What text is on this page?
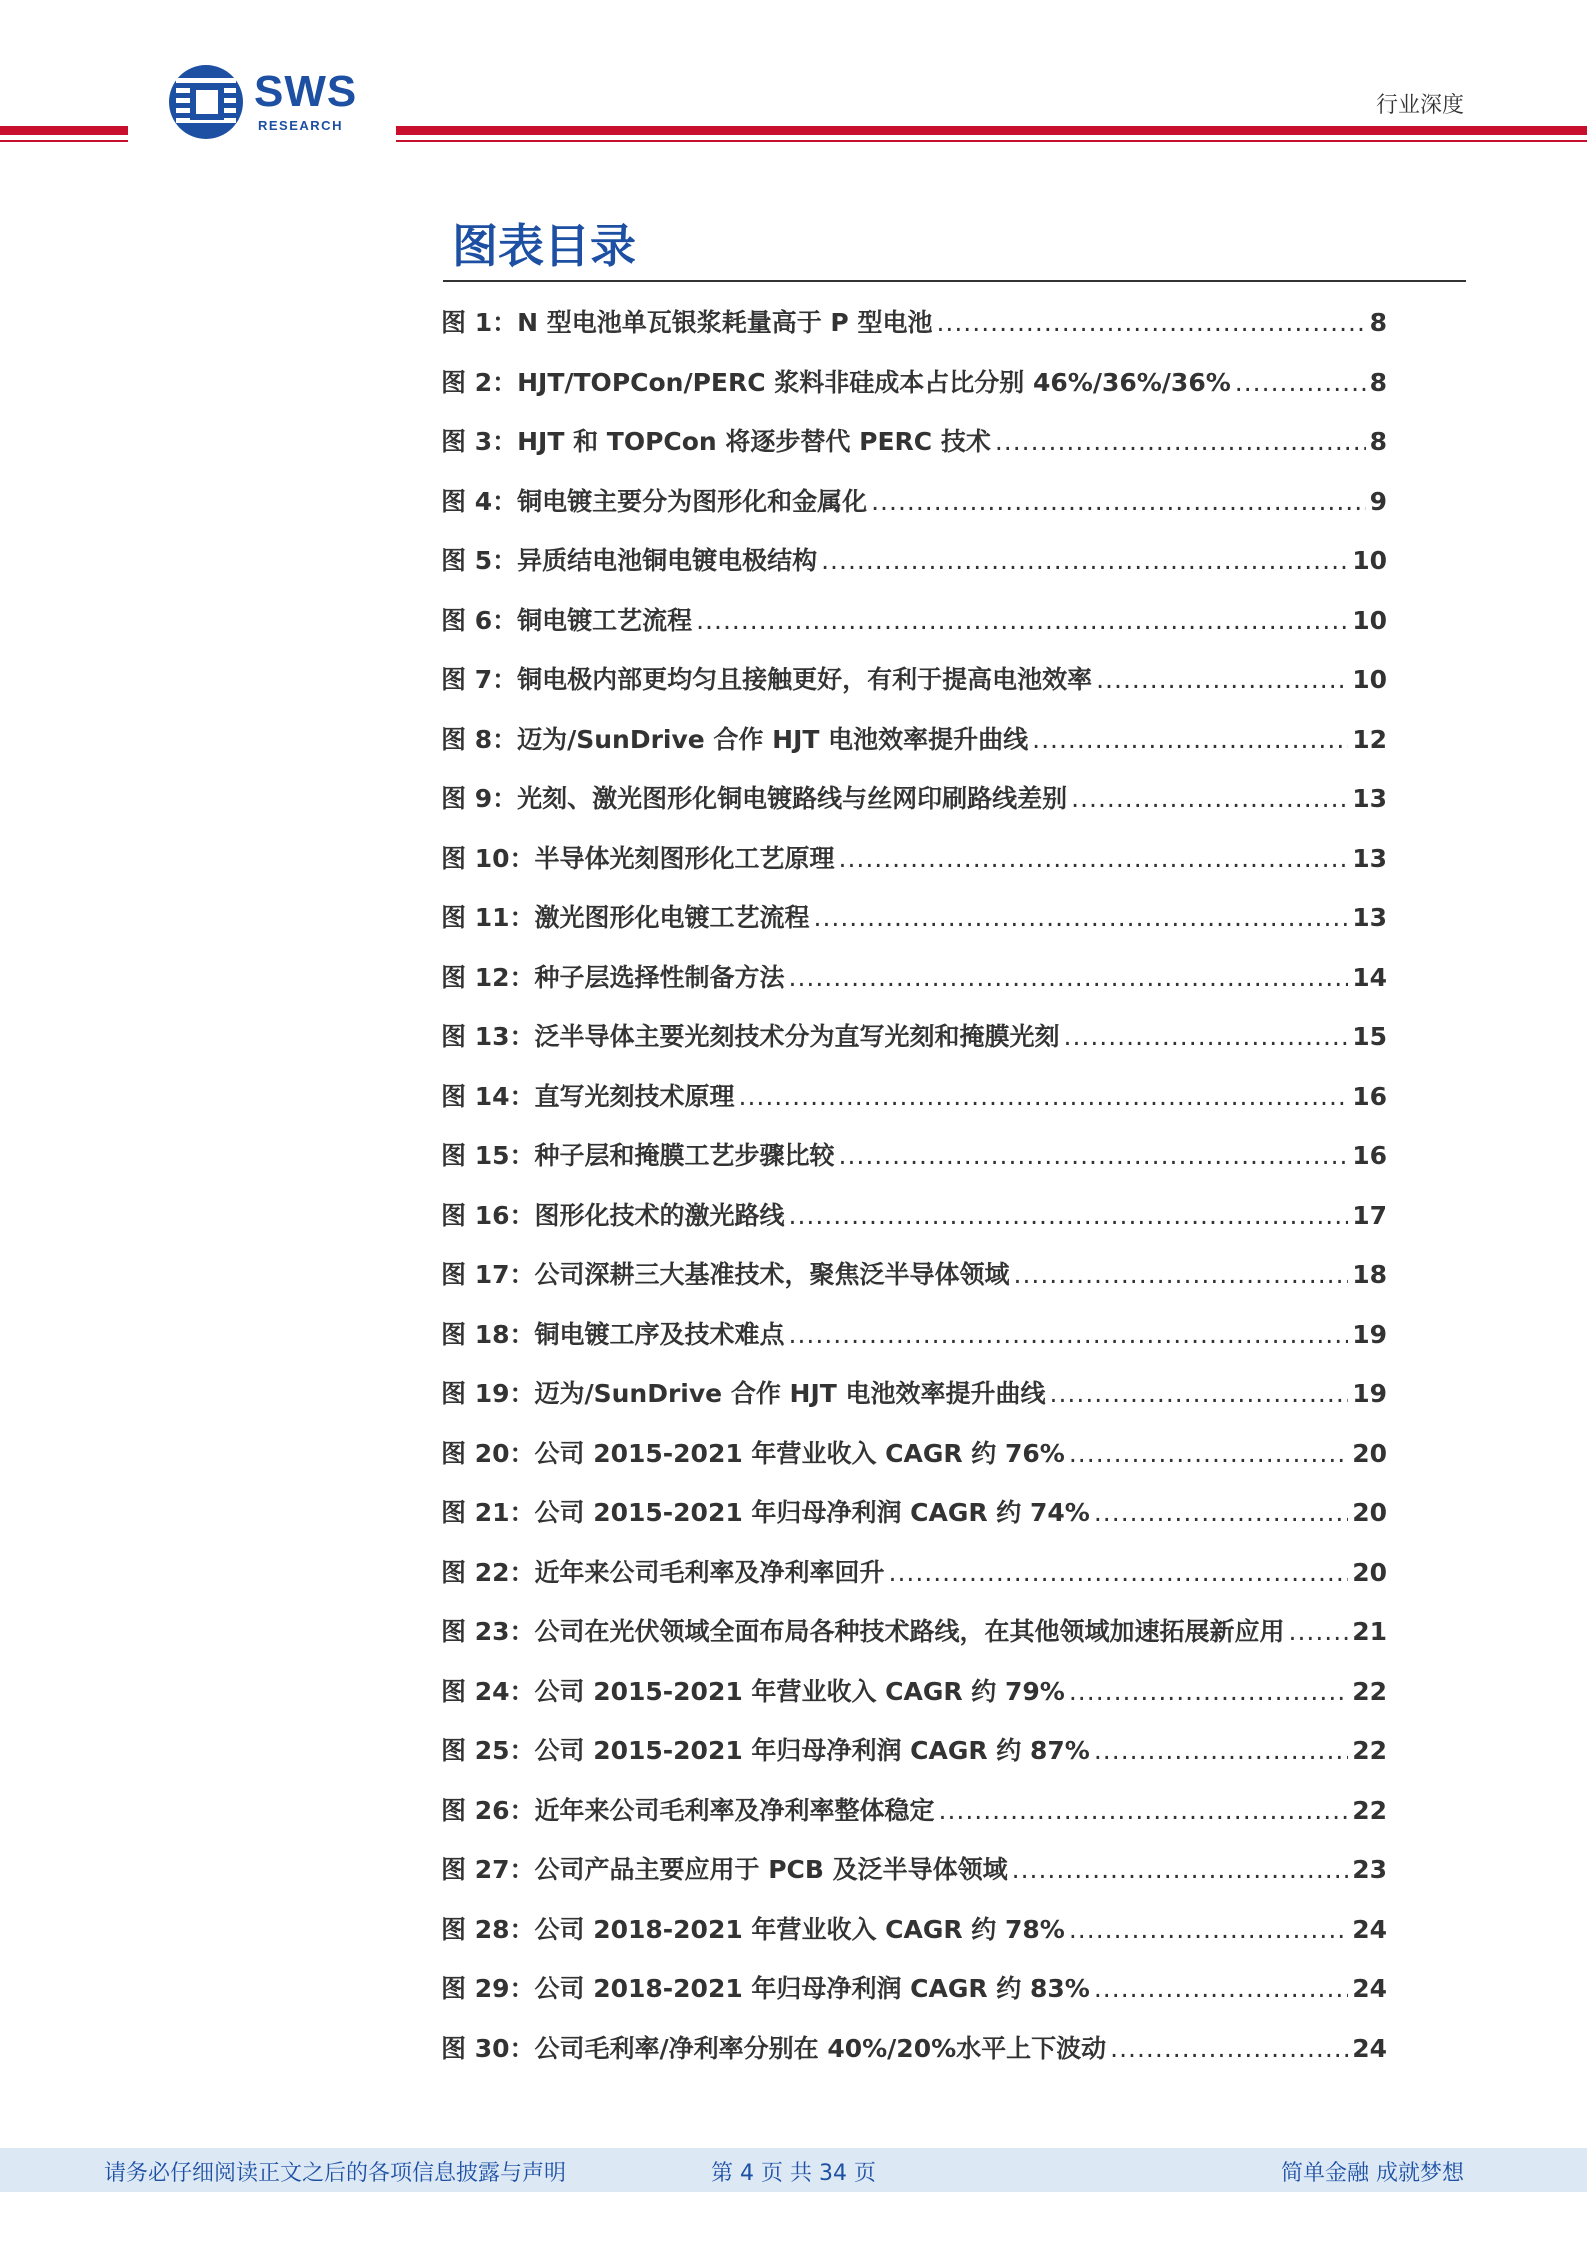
SWS
RESEARCH
行业深度
图表目录
图 1：N 型电池单瓦银浆耗量高于 P 型电池 .....	8
图 2：HJT/TOPCon/PERC 浆料非硅成本占比分别 46%/36%/36% .....	8
图 3：HJT 和 TOPCon 将逐步替代 PERC 技术 .....	8
图 4：铜电镀主要分为图形化和金属化 .....	9
图 5：异质结电池铜电镀电极结构 .....	10
图 6：铜电镀工艺流程 .....	10
图 7：铜电极内部更均匀且接触更好，有利于提高电池效率 .....	10
图 8：迈为/SunDrive 合作 HJT 电池效率提升曲线 .....	12
图 9：光刻、激光图形化铜电镀路线与丝网印刷路线差别 .....	13
图 10：半导体光刻图形化工艺原理 .....	13
图 11：激光图形化电镀工艺流程 .....	13
图 12：种子层选择性制备方法 .....	14
图 13：泛半导体主要光刻技术分为直写光刻和掩膜光刻 .....	15
图 14：直写光刻技术原理 .....	16
图 15：种子层和掩膜工艺步骤比较 .....	16
图 16：图形化技术的激光路线 .....	17
图 17：公司深耕三大基准技术，聚焦泛半导体领域 .....	18
图 18：铜电镀工序及技术难点 .....	19
图 19：迈为/SunDrive 合作 HJT 电池效率提升曲线 .....	19
图 20：公司 2015-2021 年营业收入 CAGR 约 76% .....	20
图 21：公司 2015-2021 年归母净利润 CAGR 约 74% .....	20
图 22：近年来公司毛利率及净利率回升 .....	20
图 23：公司在光伏领域全面布局各种技术路线，在其他领域加速拓展新应用 .....	21
图 24：公司 2015-2021 年营业收入 CAGR 约 79% .....	22
图 25：公司 2015-2021 年归母净利润 CAGR 约 87% .....	22
图 26：近年来公司毛利率及净利率整体稳定 .....	22
图 27：公司产品主要应用于 PCB 及泛半导体领域 .....	23
图 28：公司 2018-2021 年营业收入 CAGR 约 78% .....	24
图 29：公司 2018-2021 年归母净利润 CAGR 约 83% .....	24
图 30：公司毛利率/净利率分别在 40%/20%水平上下波动 .....	24
请务必仔细阅读正文之后的各项信息披露与声明	第 4 页 共 34 页	简单金融 成就梦想
